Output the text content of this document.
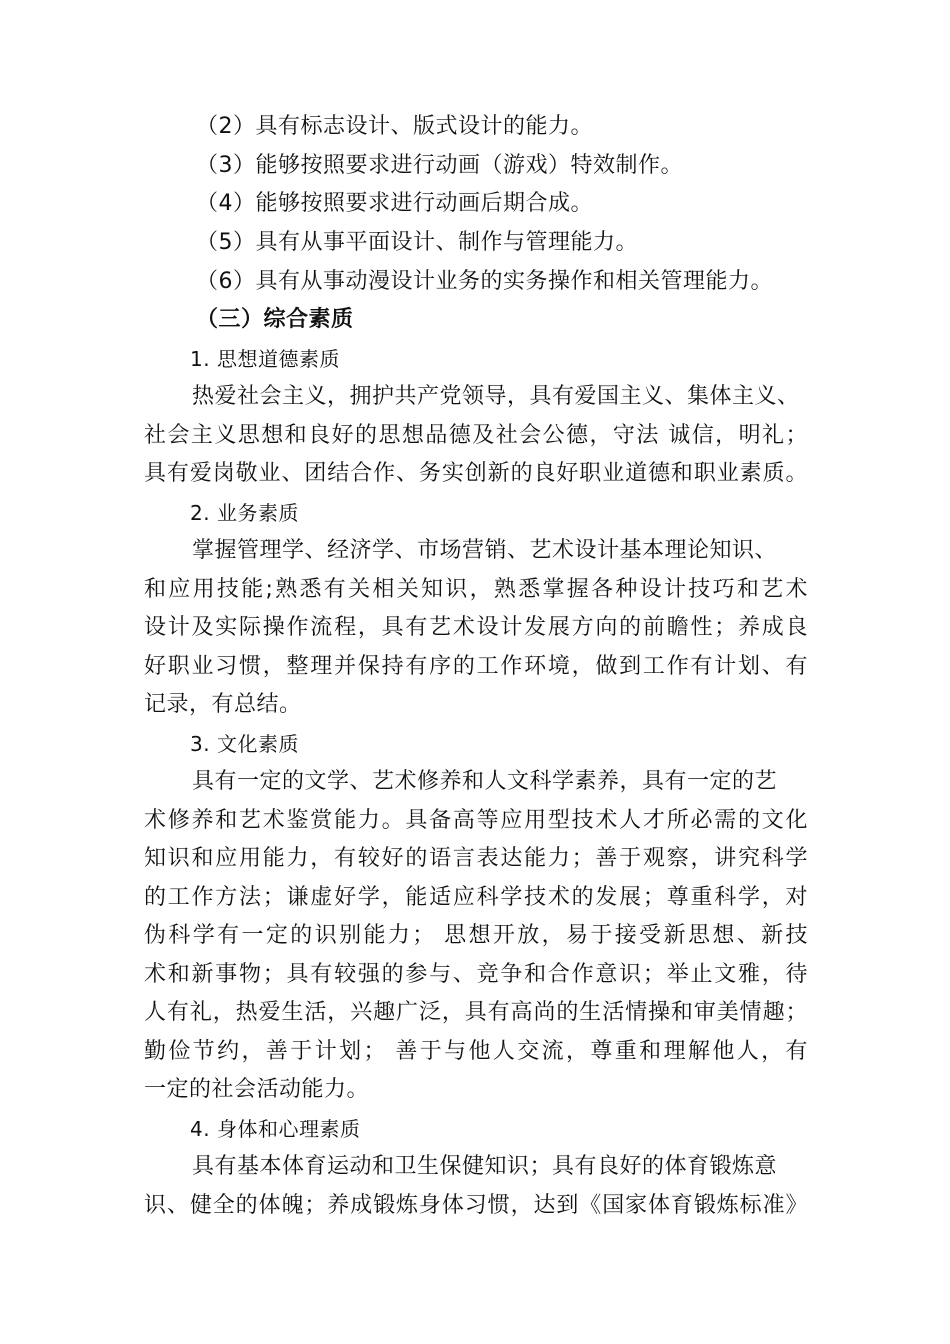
（2）具有标志设计、版式设计的能力。
（3）能够按照要求进行动画（游戏）特效制作。
（4）能够按照要求进行动画后期合成。
（5）具有从事平面设计、制作与管理能力。
（6）具有从事动漫设计业务的实务操作和相关管理能力。
（三）综合素质
1. 思想道德素质
热爱社会主义，拥护共产党领导，具有爱国主义、集体主义、
社会主义思想和良好的思想品德及社会公德，守法 诚信，明礼；
具有爱岗敬业、团结合作、务实创新的良好职业道德和职业素质。
2. 业务素质
掌握管理学、经济学、市场营销、艺术设计基本理论知识、
和应用技能;熟悉有关相关知识，熟悉掌握各种设计技巧和艺术
设计及实际操作流程，具有艺术设计发展方向的前瞻性；养成良
好职业习惯，整理并保持有序的工作环境，做到工作有计划、有
记录，有总结。
3. 文化素质
具有一定的文学、艺术修养和人文科学素养，具有一定的艺
术修养和艺术鉴赏能力。具备高等应用型技术人才所必需的文化
知识和应用能力，有较好的语言表达能力；善于观察，讲究科学
的工作方法；谦虚好学，能适应科学技术的发展；尊重科学，对
伪科学有一定的识别能力； 思想开放，易于接受新思想、新技
术和新事物；具有较强的参与、竞争和合作意识；举止文雅，待
人有礼，热爱生活，兴趣广泛，具有高尚的生活情操和审美情趣；
勤俭节约，善于计划； 善于与他人交流，尊重和理解他人，有
一定的社会活动能力。
4. 身体和心理素质
具有基本体育运动和卫生保健知识；具有良好的体育锻炼意
识、健全的体魄；养成锻炼身体习惯，达到《国家体育锻炼标准》
